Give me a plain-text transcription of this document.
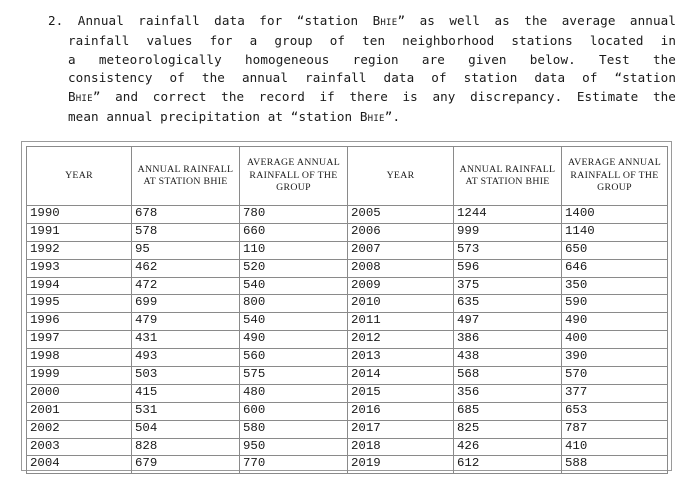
2. Annual rainfall data for “station BHIE” as well as the average annual
rainfall values for a group of ten neighborhood stations located in
a meteorologically homogeneous region are given below. Test the
consistency of the annual rainfall data of station data of “station
BHIE” and correct the record if there is any discrepancy. Estimate the
mean annual precipitation at “station BHIE”.
YEAR	ANNUAL RAINFALL AT STATION BHIE	AVERAGE ANNUAL RAINFALL OF THE GROUP	YEAR	ANNUAL RAINFALL AT STATION BHIE	AVERAGE ANNUAL RAINFALL OF THE GROUP
1990	678	780	2005	1244	1400
1991	578	660	2006	999	1140
1992	95	110	2007	573	650
1993	462	520	2008	596	646
1994	472	540	2009	375	350
1995	699	800	2010	635	590
1996	479	540	2011	497	490
1997	431	490	2012	386	400
1998	493	560	2013	438	390
1999	503	575	2014	568	570
2000	415	480	2015	356	377
2001	531	600	2016	685	653
2002	504	580	2017	825	787
2003	828	950	2018	426	410
2004	679	770	2019	612	588
